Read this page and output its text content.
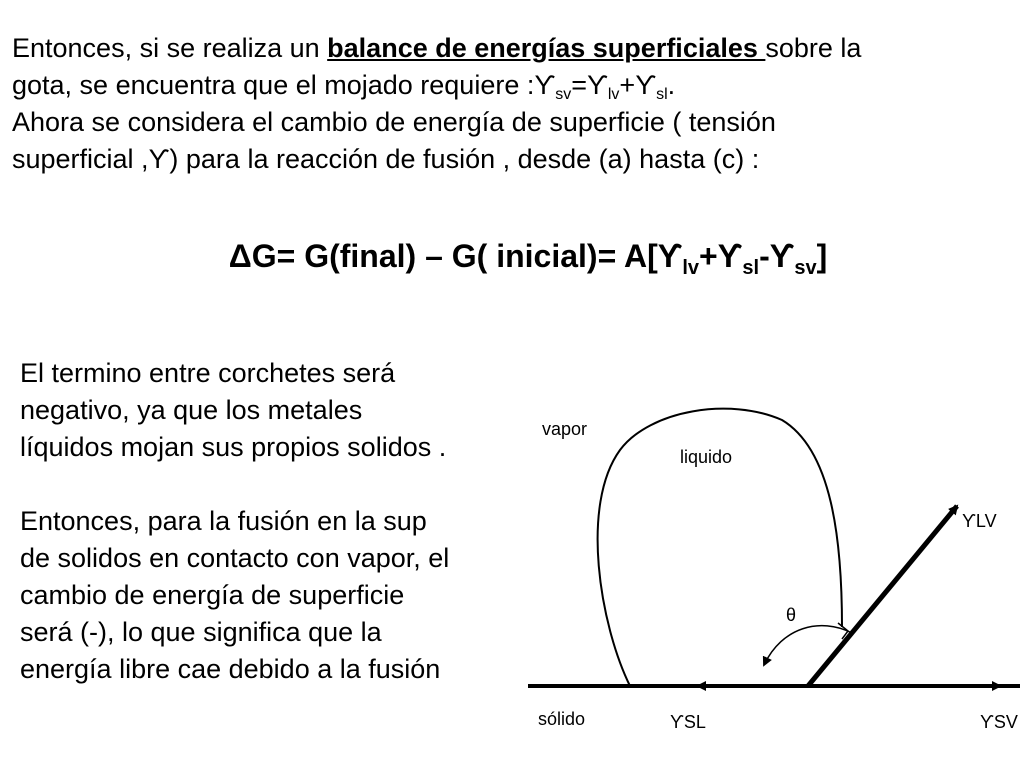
Entonces, si se realiza un balance de energías superficiales sobre la

gota, se encuentra que el mojado requiere $:ϒ_{sv}=ϒ_{lv}+ϒ_{sl}$.

Ahora se considera el cambio de energía de superficie ( tensión

superficial ,ϒ) para la reacción de fusión , desde (a) hasta (c) :

ΔG= G(final) – G( inicial)= $A[ϒ_{lv}+ϒ_{sl}-ϒ_{sv}]$

El termino entre corchetes será

negativo, ya que los metales

líquidos mojan sus propios solidos .

Entonces, para la fusión en la sup

de solidos en contacto con vapor, el

cambio de energía de superficie

será (-), lo que significa que la

energía libre cae debido a la fusión

vapor
liquido
sólido
ϒLV
ϒSL	ϒSV
θ
